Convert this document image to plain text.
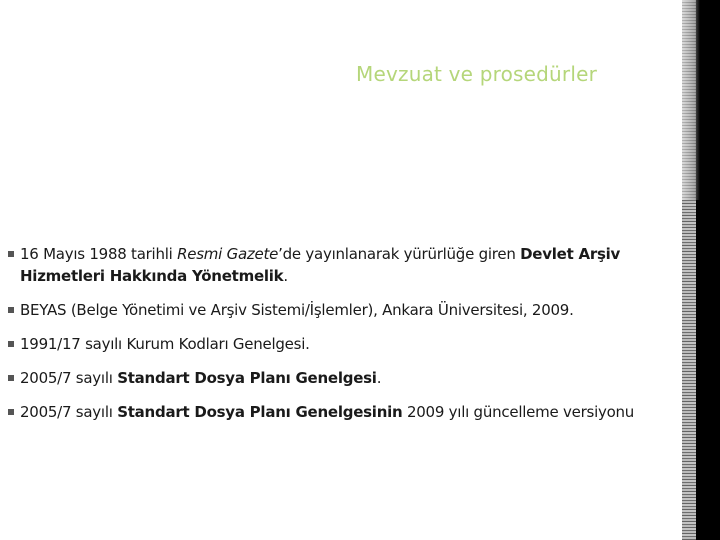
Mevzuat ve prosedürler
16 Mayıs 1988 tarihli Resmi Gazete’de yayınlanarak yürürlüğe giren Devlet Arşiv Hizmetleri Hakkında Yönetmelik.
BEYAS (Belge Yönetimi ve Arşiv Sistemi/İşlemler), Ankara Üniversitesi, 2009.
1991/17 sayılı Kurum Kodları Genelgesi.
2005/7 sayılı Standart Dosya Planı Genelgesi.
2005/7 sayılı Standart Dosya Planı Genelgesinin 2009 yılı güncelleme versiyonu
